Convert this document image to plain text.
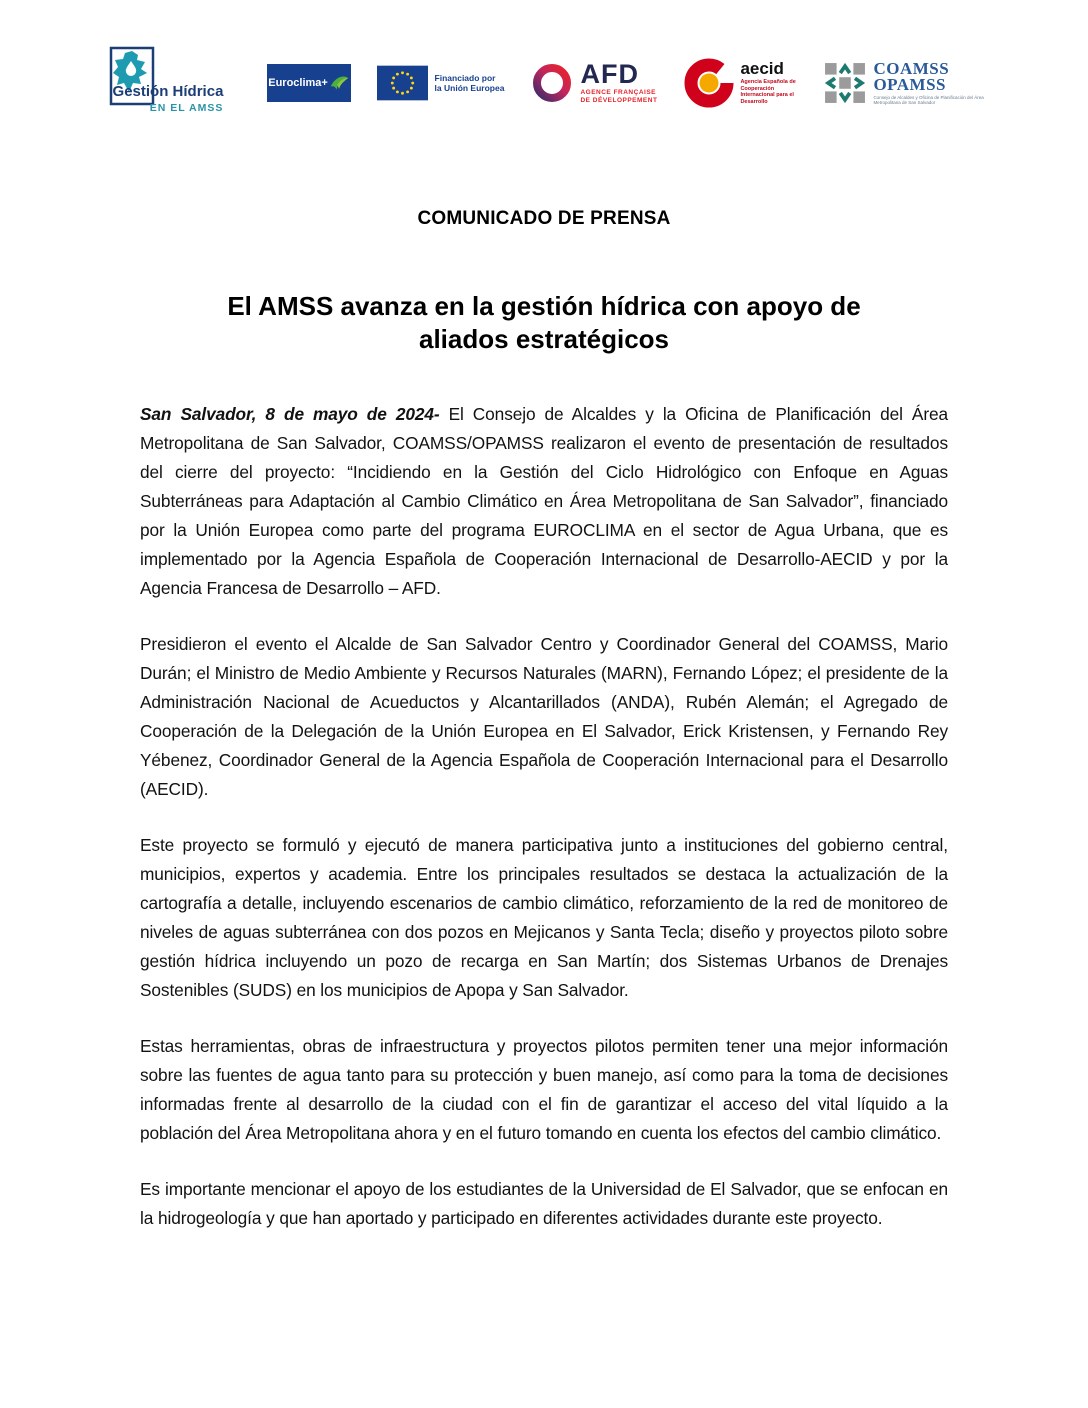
Gestión Hídrica
EN EL AMSS
Euroclima+	Financiado por
la Unión Europea	AFD
AGENCE FRANÇAISE
DE DÉVELOPPEMENT
aecid
Agencia Española de Cooperación Internacional para el Desarrollo
COAMSS
OPAMSS
Consejo de Alcaldes y Oficina de Planificación del Área Metropolitana de San Salvador
COMUNICADO DE PRENSA
El AMSS avanza en la gestión hídrica con apoyo de aliados estratégicos

San Salvador, 8 de mayo de 2024- El Consejo de Alcaldes y la Oficina de Planificación del Área Metropolitana de San Salvador, COAMSS/OPAMSS realizaron el evento de presentación de resultados del cierre del proyecto: “Incidiendo en la Gestión del Ciclo Hidrológico con Enfoque en Aguas Subterráneas para Adaptación al Cambio Climático en Área Metropolitana de San Salvador”, financiado por la Unión Europea como parte del programa EUROCLIMA en el sector de Agua Urbana, que es implementado por la Agencia Española de Cooperación Internacional de Desarrollo-AECID y por la Agencia Francesa de Desarrollo – AFD.

Presidieron el evento el Alcalde de San Salvador Centro y Coordinador General del COAMSS, Mario Durán; el Ministro de Medio Ambiente y Recursos Naturales (MARN), Fernando López; el presidente de la Administración Nacional de Acueductos y Alcantarillados (ANDA), Rubén Alemán; el Agregado de Cooperación de la Delegación de la Unión Europea en El Salvador, Erick Kristensen, y Fernando Rey Yébenez, Coordinador General de la Agencia Española de Cooperación Internacional para el Desarrollo (AECID).

Este proyecto se formuló y ejecutó de manera participativa junto a instituciones del gobierno central, municipios, expertos y academia. Entre los principales resultados se destaca la actualización de la cartografía a detalle, incluyendo escenarios de cambio climático, reforzamiento de la red de monitoreo de niveles de aguas subterránea con dos pozos en Mejicanos y Santa Tecla; diseño y proyectos piloto sobre gestión hídrica incluyendo un pozo de recarga en San Martín; dos Sistemas Urbanos de Drenajes Sostenibles (SUDS) en los municipios de Apopa y San Salvador.

Estas herramientas, obras de infraestructura y proyectos pilotos permiten tener una mejor información sobre las fuentes de agua tanto para su protección y buen manejo, así como para la toma de decisiones informadas frente al desarrollo de la ciudad con el fin de garantizar el acceso del vital líquido a la población del Área Metropolitana ahora y en el futuro tomando en cuenta los efectos del cambio climático.

Es importante mencionar el apoyo de los estudiantes de la Universidad de El Salvador, que se enfocan en la hidrogeología y que han aportado y participado en diferentes actividades durante este proyecto.
